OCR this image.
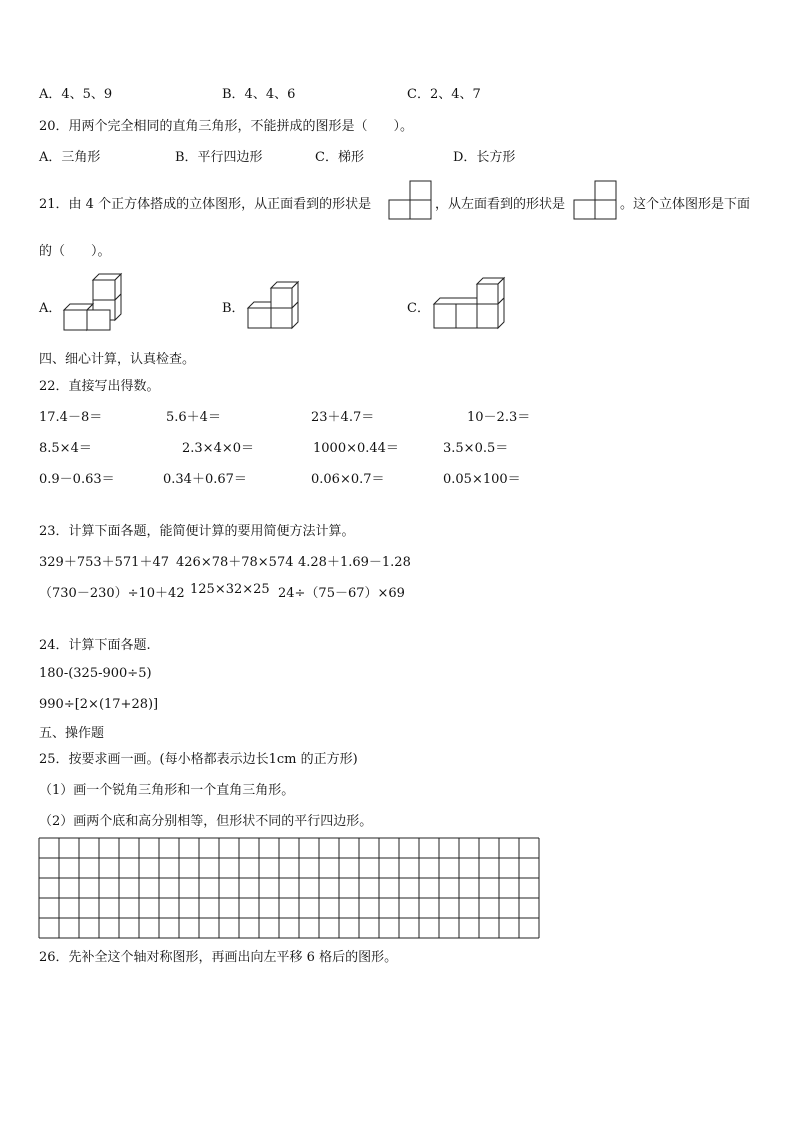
A．4、5、9	B．4、4、6	C．2、4、7
20．用两个完全相同的直角三角形，不能拼成的图形是（　　）。
A．三角形	B．平行四边形	C．梯形	D．长方形
21．由 4 个正方体搭成的立体图形，从正面看到的形状是	，从左面看到的形状是	。这个立体图形是下面
的（　　）。
A．	B．	C．
四、细心计算，认真检查。
22．直接写出得数。
17.4－8＝	5.6＋4＝	23＋4.7＝	10－2.3＝
8.5×4＝	2.3×4×0＝	1000×0.44＝	3.5×0.5＝
0.9－0.63＝	0.34＋0.67＝	0.06×0.7＝	0.05×100＝
23．计算下面各题，能简便计算的要用简便方法计算。
329＋753＋571＋47 426×78＋78×574 4.28＋1.69－1.28
（730－230）÷10＋42 125×32×25 24÷（75－67）×69
24．计算下面各题.
180-(325-900÷5)
990÷[2×(17+28)]
五、操作题
25．按要求画一画。(每小格都表示边长1cm 的正方形)
（1）画一个锐角三角形和一个直角三角形。
（2）画两个底和高分别相等，但形状不同的平行四边形。
26．先补全这个轴对称图形，再画出向左平移 6 格后的图形。
